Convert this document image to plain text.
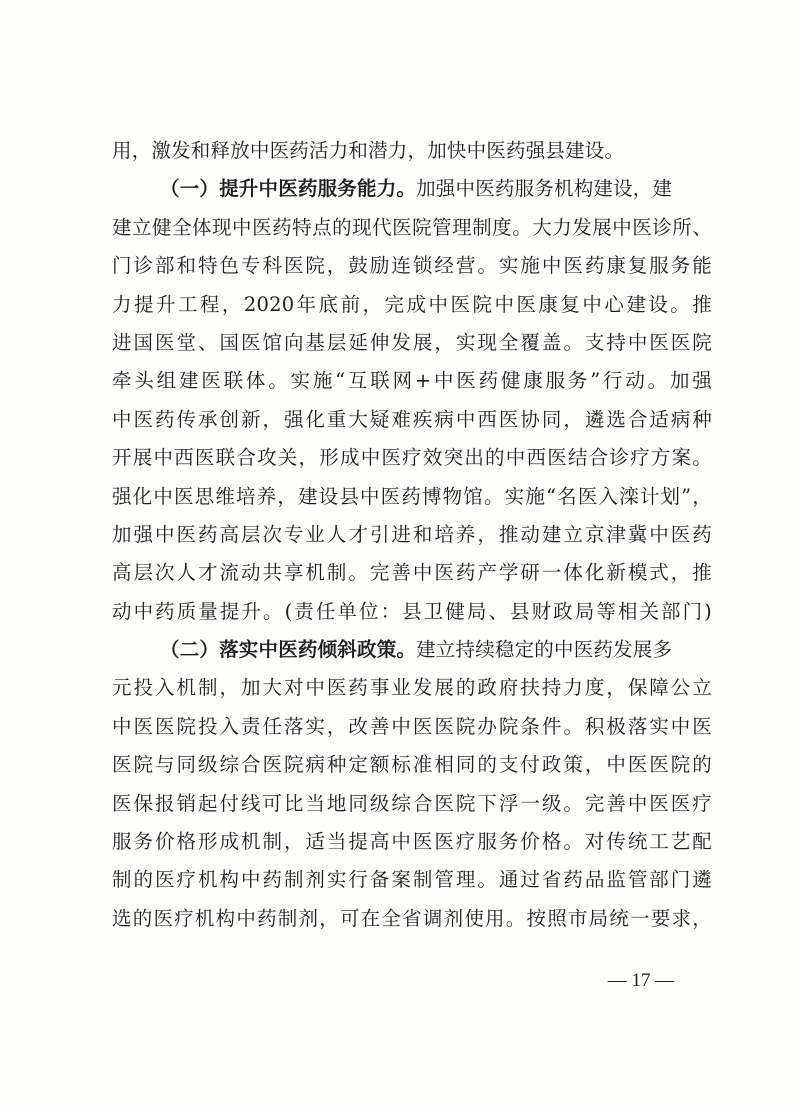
用，激发和释放中医药活力和潜力，加快中医药强县建设。
（一）提升中医药服务能力。加强中医药服务机构建设，建
建立健全体现中医药特点的现代医院管理制度。大力发展中医诊所、
门诊部和特色专科医院，鼓励连锁经营。实施中医药康复服务能
力提升工程，2020年底前，完成中医院中医康复中心建设。推
进国医堂、国医馆向基层延伸发展，实现全覆盖。支持中医医院
牵头组建医联体。实施“互联网+中医药健康服务”行动。加强
中医药传承创新，强化重大疑难疾病中西医协同，遴选合适病种
开展中西医联合攻关，形成中医疗效突出的中西医结合诊疗方案。
强化中医思维培养，建设县中医药博物馆。实施“名医入滦计划”，
加强中医药高层次专业人才引进和培养，推动建立京津冀中医药
高层次人才流动共享机制。完善中医药产学研一体化新模式，推
动中药质量提升。(责任单位：县卫健局、县财政局等相关部门)
（二）落实中医药倾斜政策。建立持续稳定的中医药发展多
元投入机制，加大对中医药事业发展的政府扶持力度，保障公立
中医医院投入责任落实，改善中医医院办院条件。积极落实中医
医院与同级综合医院病种定额标准相同的支付政策，中医医院的
医保报销起付线可比当地同级综合医院下浮一级。完善中医医疗
服务价格形成机制，适当提高中医医疗服务价格。对传统工艺配
制的医疗机构中药制剂实行备案制管理。通过省药品监管部门遴
选的医疗机构中药制剂，可在全省调剂使用。按照市局统一要求，
— 17 —
